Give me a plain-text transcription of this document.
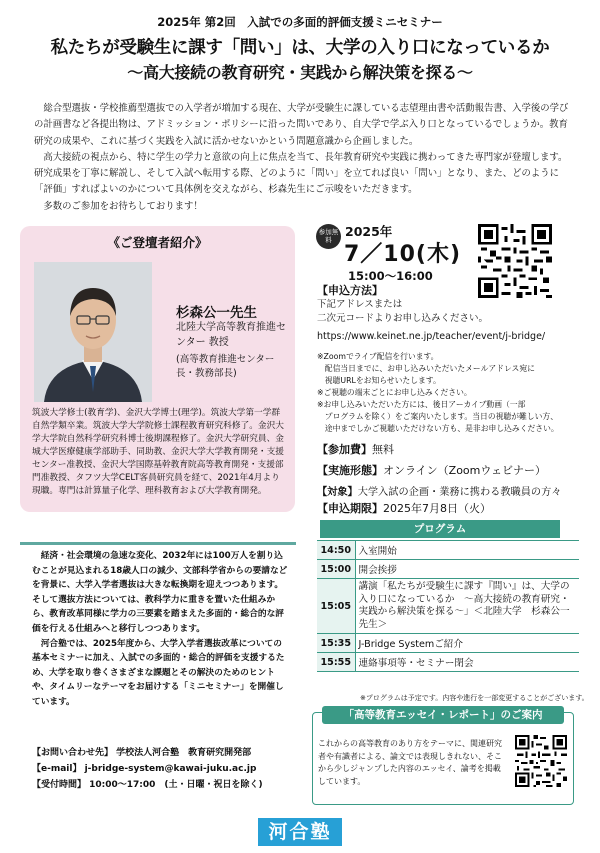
2025年 第2回　入試での多面的評価支援ミニセミナー
私たちが受験生に課す「問い」は、大学の入り口になっているか
～高大接続の教育研究・実践から解決策を探る～

総合型選抜・学校推薦型選抜での入学者が増加する現在、大学が受験生に課している志望理由書や活動報告書、入学後の学びの計画書など各提出物は、アドミッション・ポリシーに沿った問いであり、自大学で学ぶ入り口となっているでしょうか。教育研究の成果や、これに基づく実践を入試に活かせないかという問題意識から企画しました。

高大接続の視点から、特に学生の学力と意欲の向上に焦点を当て、長年教育研究や実践に携わってきた専門家が登壇します。研究成果を丁寧に解説し、そして入試へ転用する際、どのように「問い」を立てれば良い「問い」となり、また、どのように「評価」すればよいのかについて具体例を交えながら、杉森先生にご示唆をいただきます。

多数のご参加をお待ちしております！

《ご登壇者紹介》
杉森公一先生
北陸大学高等教育推進センター 教授
(高等教育推進センター長・教務部長)
筑波大学修士(教育学)、金沢大学博士(理学)。筑波大学第一学群自然学類卒業。筑波大学大学院修士課程教育研究科修了。金沢大学大学院自然科学研究科博士後期課程修了。金沢大学研究員、金城大学医療健康学部助手、同助教、金沢大学大学教育開発・支援センター准教授、金沢大学国際基幹教育院高等教育開発・支援部門准教授、タフツ大学CELT客員研究員を経て、2021年4月より現職。専門は計算量子化学、理科教育および大学教育開発。
参加無料
2025年
7／10(木)
15:00～16:00
【申込方法】
下記アドレスまたは
二次元コードよりお申し込みください。
https://www.keinet.ne.jp/teacher/event/j-bridge/
※Zoomでライブ配信を行います。
　配信当日までに、お申し込みいただいたメールアドレス宛に
　視聴URLをお知らせいたします。
※ご視聴の端末ごとにお申し込みください。
※お申し込みいただいた方には、後日アーカイブ動画（一部
　プログラムを除く）をご案内いたします。当日の視聴が難しい方、
　途中までしかご視聴いただけない方も、是非お申し込みください。
【参加費】無料
【実施形態】オンライン（Zoomウェビナー）
【対象】大学入試の企画・業務に携わる教職員の方々
【申込期限】2025年7月8日（火）

経済・社会環境の急速な変化、2032年には100万人を割り込むことが見込まれる18歳人口の減少、文部科学省からの要請などを背景に、大学入学者選抜は大きな転換期を迎えつつあります。そして選抜方法については、教科学力に重きを置いた仕組みから、教育改革同様に学力の三要素を踏まえた多面的・総合的な評価を行える仕組みへと移行しつつあります。

河合塾では、2025年度から、大学入学者選抜改革についての基本セミナーに加え、入試での多面的・総合的評価を支援するため、大学を取り巻くさまざまな課題とその解決のためのヒントや、タイムリーなテーマをお届けする「ミニセミナー」を開催しています。

【お問い合わせ先】 学校法人河合塾　教育研究開発部
【e-mail】 j-bridge-system@kawai-juku.ac.jp
【受付時間】 10:00～17:00　(土・日曜・祝日を除く)
プログラム
14:50	入室開始
15:00	開会挨拶
15:05	講演「私たちが受験生に課す『問い』は、大学の入り口になっているか　～高大接続の教育研究・実践から解決策を探る～」＜北陸大学　杉森公一 先生＞
15:35	J-Bridge Systemご紹介
15:55	連絡事項等・セミナー閉会
※プログラムは予定です。内容や進行を一部変更することがございます。
「高等教育エッセイ・レポート」のご案内
これからの高等教育のあり方をテーマに、関連研究者や有識者による、論文では表現しきれない、そこから少しジャンプした内容のエッセイ、論考を掲載しています。
河合塾
